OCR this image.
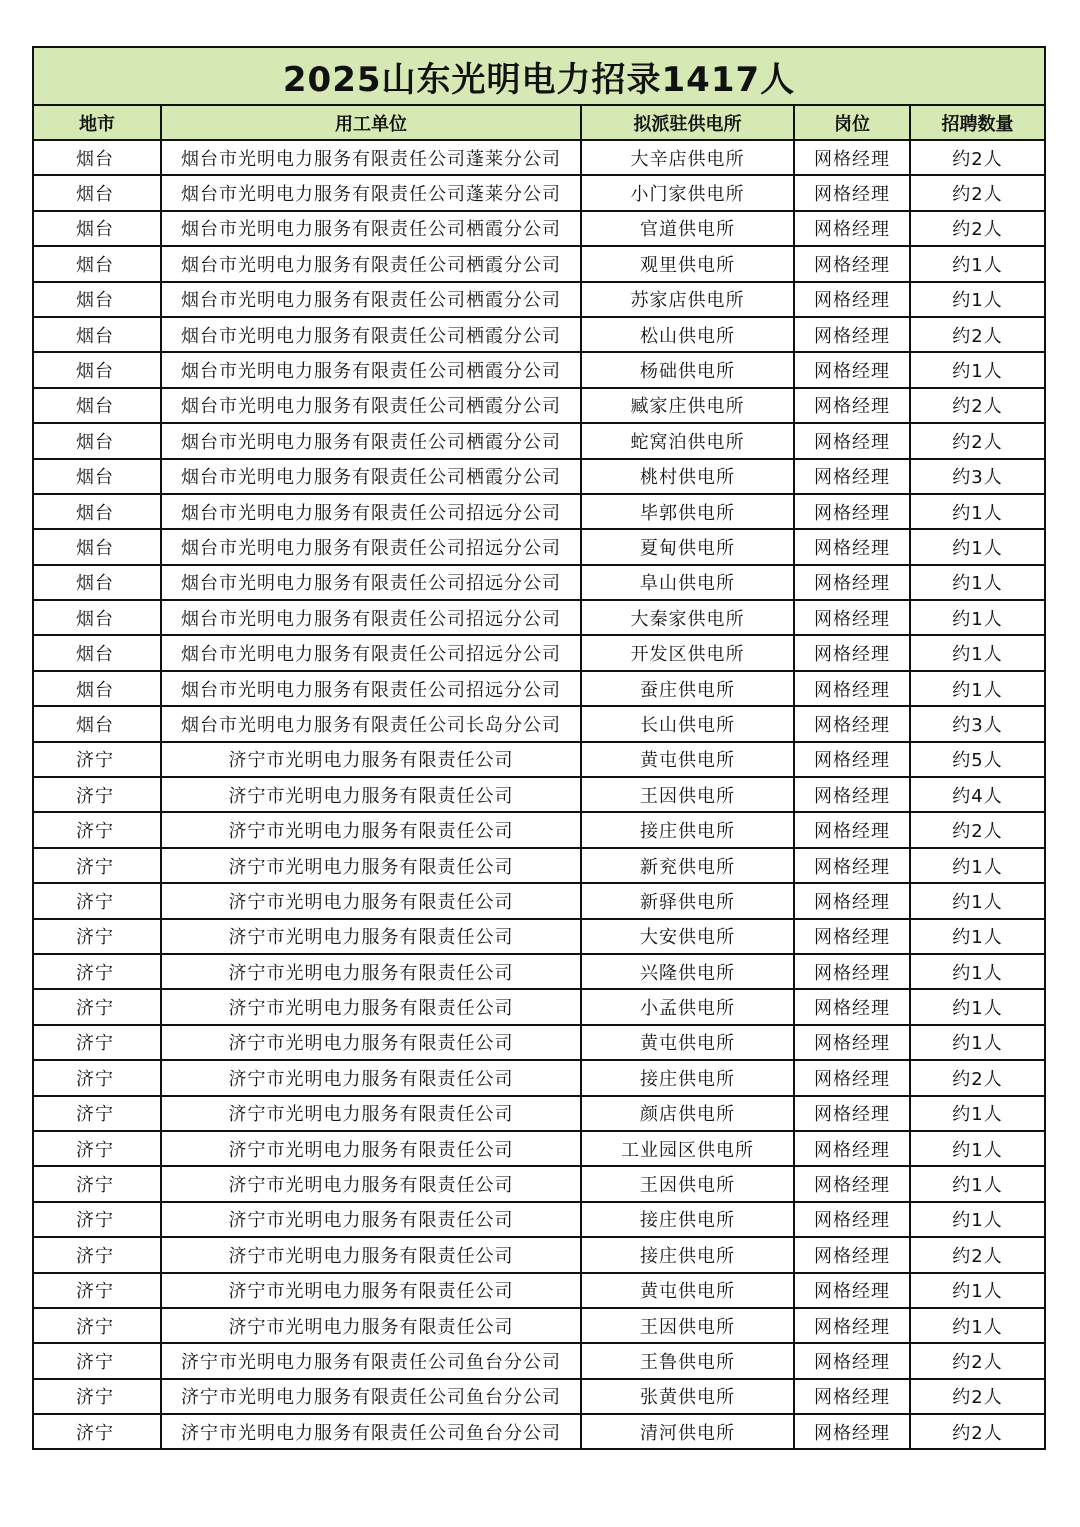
2025山东光明电力招录1417人				
地市	用工单位	拟派驻供电所	岗位	招聘数量
烟台	烟台市光明电力服务有限责任公司蓬莱分公司	大辛店供电所	网格经理	约2人
烟台	烟台市光明电力服务有限责任公司蓬莱分公司	小门家供电所	网格经理	约2人
烟台	烟台市光明电力服务有限责任公司栖霞分公司	官道供电所	网格经理	约2人
烟台	烟台市光明电力服务有限责任公司栖霞分公司	观里供电所	网格经理	约1人
烟台	烟台市光明电力服务有限责任公司栖霞分公司	苏家店供电所	网格经理	约1人
烟台	烟台市光明电力服务有限责任公司栖霞分公司	松山供电所	网格经理	约2人
烟台	烟台市光明电力服务有限责任公司栖霞分公司	杨础供电所	网格经理	约1人
烟台	烟台市光明电力服务有限责任公司栖霞分公司	臧家庄供电所	网格经理	约2人
烟台	烟台市光明电力服务有限责任公司栖霞分公司	蛇窝泊供电所	网格经理	约2人
烟台	烟台市光明电力服务有限责任公司栖霞分公司	桃村供电所	网格经理	约3人
烟台	烟台市光明电力服务有限责任公司招远分公司	毕郭供电所	网格经理	约1人
烟台	烟台市光明电力服务有限责任公司招远分公司	夏甸供电所	网格经理	约1人
烟台	烟台市光明电力服务有限责任公司招远分公司	阜山供电所	网格经理	约1人
烟台	烟台市光明电力服务有限责任公司招远分公司	大秦家供电所	网格经理	约1人
烟台	烟台市光明电力服务有限责任公司招远分公司	开发区供电所	网格经理	约1人
烟台	烟台市光明电力服务有限责任公司招远分公司	蚕庄供电所	网格经理	约1人
烟台	烟台市光明电力服务有限责任公司长岛分公司	长山供电所	网格经理	约3人
济宁	济宁市光明电力服务有限责任公司	黄屯供电所	网格经理	约5人
济宁	济宁市光明电力服务有限责任公司	王因供电所	网格经理	约4人
济宁	济宁市光明电力服务有限责任公司	接庄供电所	网格经理	约2人
济宁	济宁市光明电力服务有限责任公司	新兖供电所	网格经理	约1人
济宁	济宁市光明电力服务有限责任公司	新驿供电所	网格经理	约1人
济宁	济宁市光明电力服务有限责任公司	大安供电所	网格经理	约1人
济宁	济宁市光明电力服务有限责任公司	兴隆供电所	网格经理	约1人
济宁	济宁市光明电力服务有限责任公司	小孟供电所	网格经理	约1人
济宁	济宁市光明电力服务有限责任公司	黄屯供电所	网格经理	约1人
济宁	济宁市光明电力服务有限责任公司	接庄供电所	网格经理	约2人
济宁	济宁市光明电力服务有限责任公司	颜店供电所	网格经理	约1人
济宁	济宁市光明电力服务有限责任公司	工业园区供电所	网格经理	约1人
济宁	济宁市光明电力服务有限责任公司	王因供电所	网格经理	约1人
济宁	济宁市光明电力服务有限责任公司	接庄供电所	网格经理	约1人
济宁	济宁市光明电力服务有限责任公司	接庄供电所	网格经理	约2人
济宁	济宁市光明电力服务有限责任公司	黄屯供电所	网格经理	约1人
济宁	济宁市光明电力服务有限责任公司	王因供电所	网格经理	约1人
济宁	济宁市光明电力服务有限责任公司鱼台分公司	王鲁供电所	网格经理	约2人
济宁	济宁市光明电力服务有限责任公司鱼台分公司	张黄供电所	网格经理	约2人
济宁	济宁市光明电力服务有限责任公司鱼台分公司	清河供电所	网格经理	约2人
